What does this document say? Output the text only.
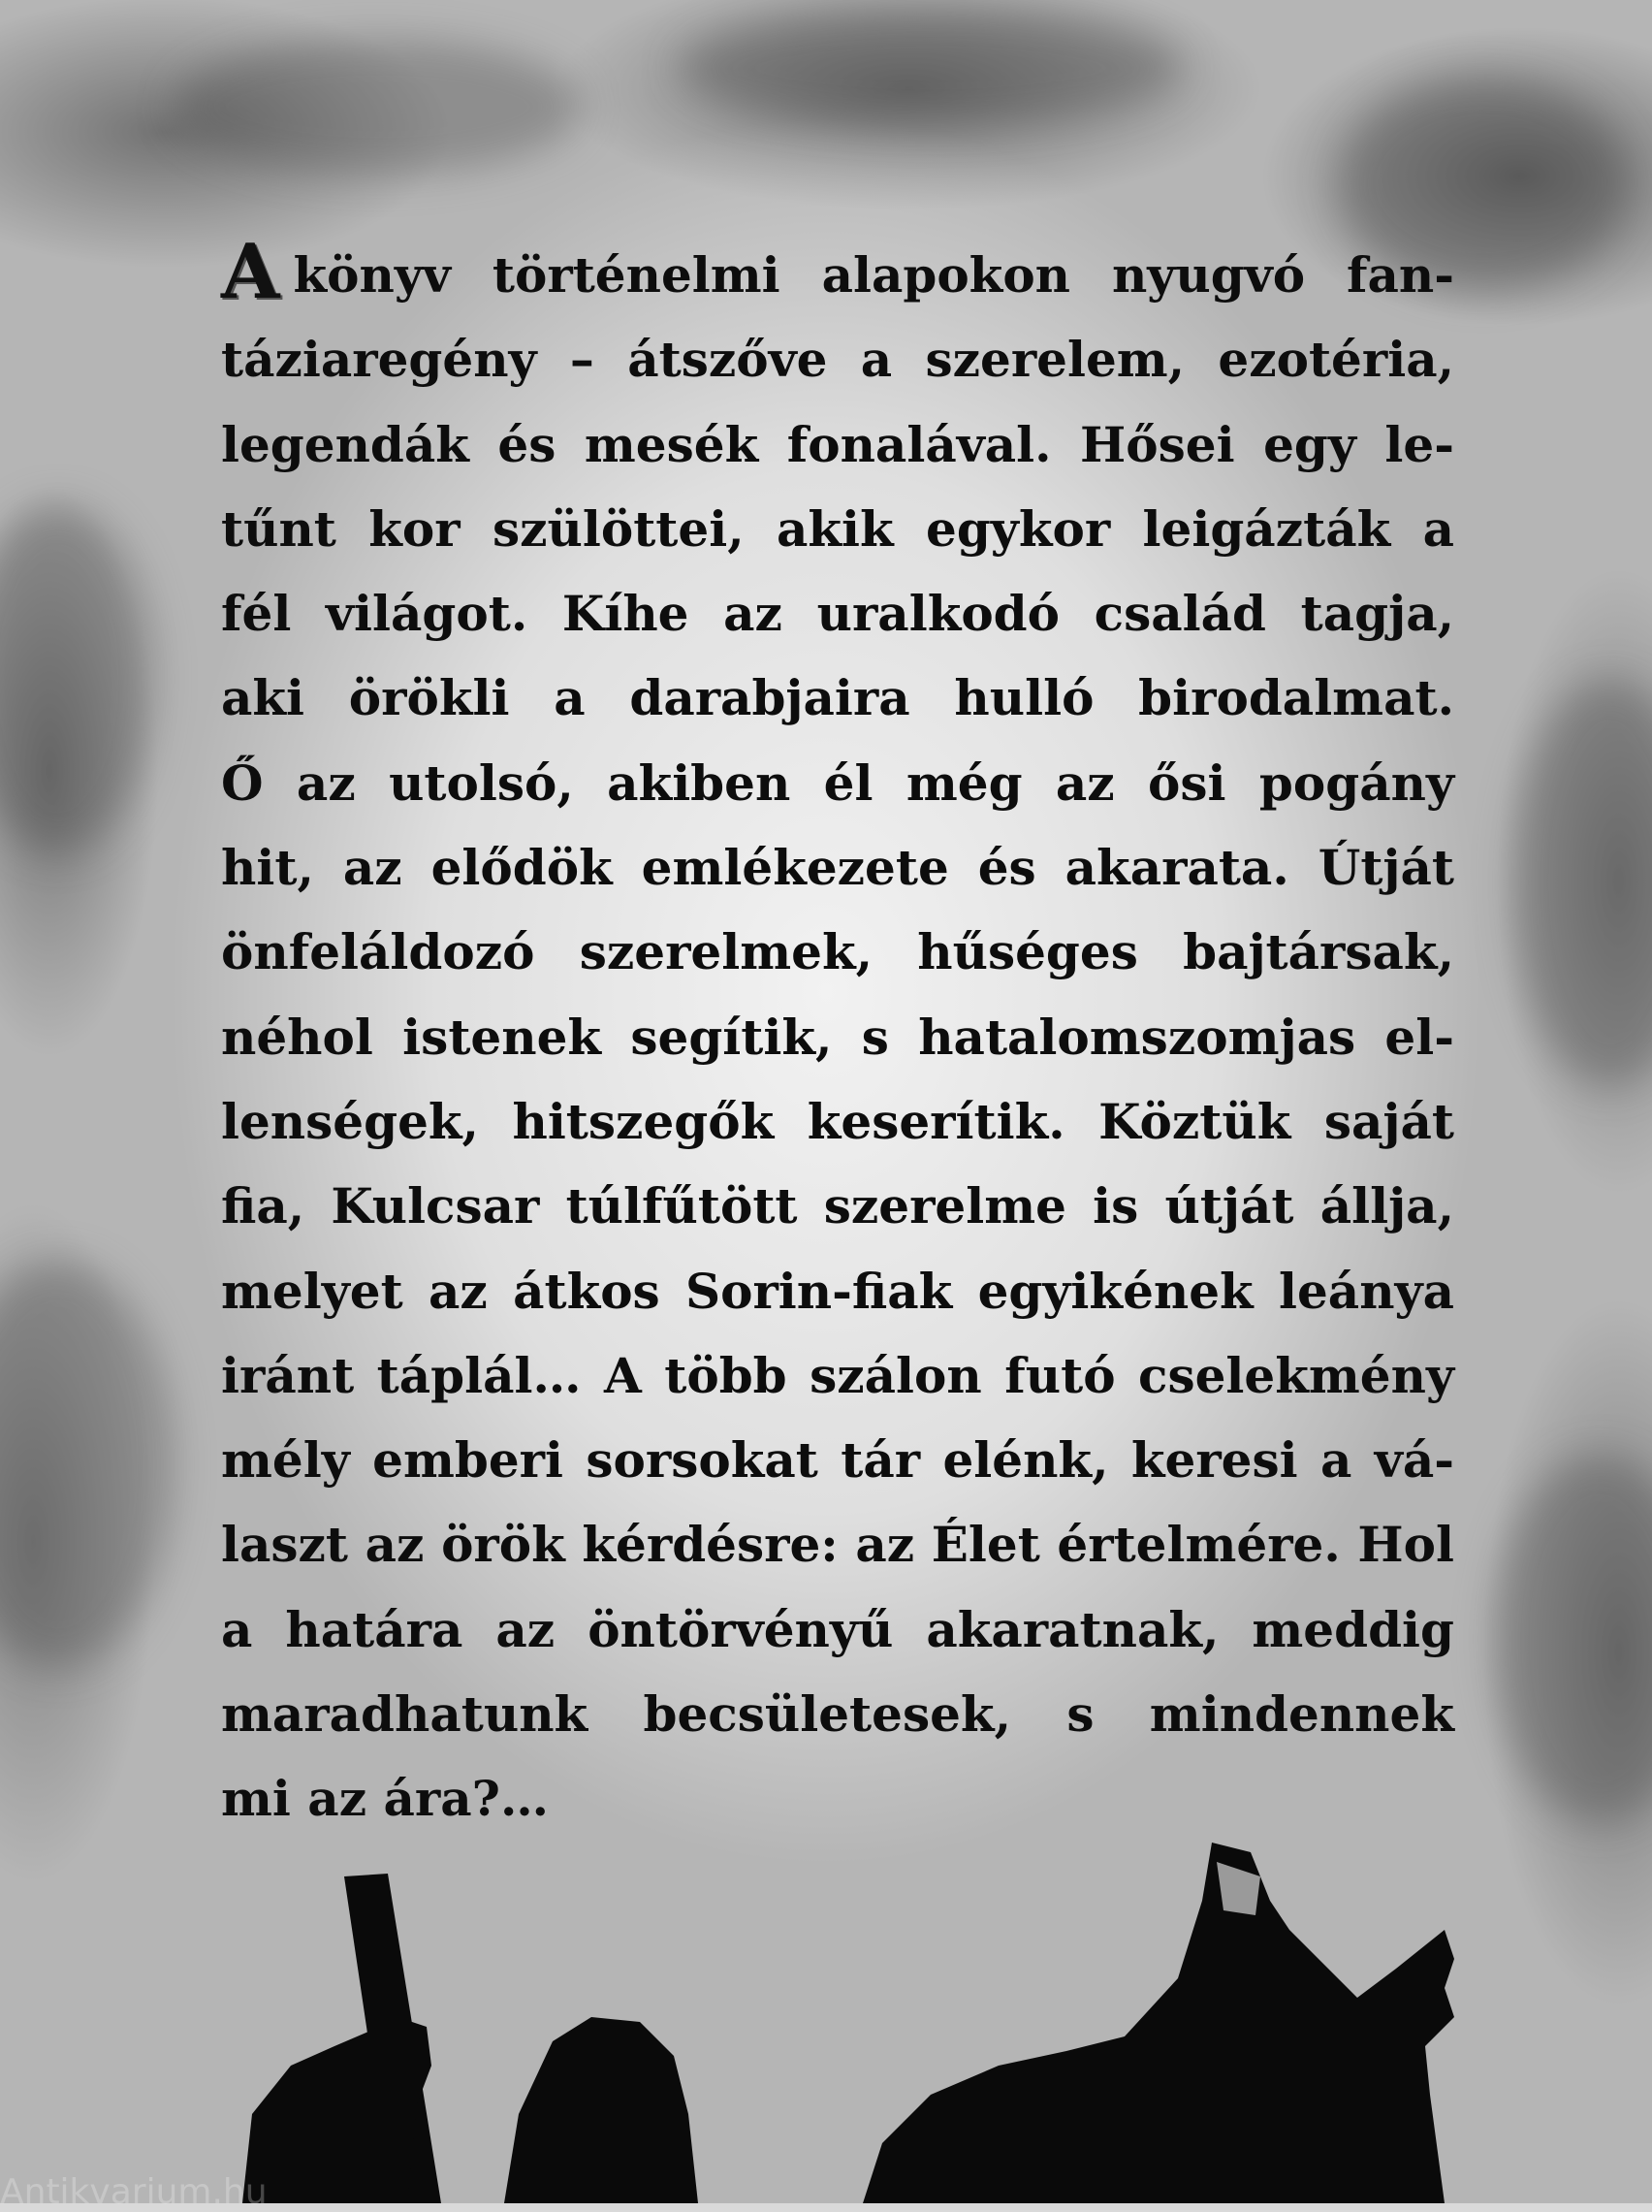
Akönyv történelmi alapokon nyugvó fan-
táziaregény – átszőve a szerelem, ezotéria,
legendák és mesék fonalával. Hősei egy le-
tűnt kor szülöttei, akik egykor leigázták a
fél világot. Kíhe az uralkodó család tagja,
aki örökli a darabjaira hulló birodalmat.
Ő az utolsó, akiben él még az ősi pogány
hit, az elődök emlékezete és akarata. Útját
önfeláldozó szerelmek, hűséges bajtársak,
néhol istenek segítik, s hatalomszomjas el-
lenségek, hitszegők keserítik. Köztük saját
fia, Kulcsar túlfűtött szerelme is útját állja,
melyet az átkos Sorin-fiak egyikének leánya
iránt táplál… A több szálon futó cselekmény
mély emberi sorsokat tár elénk, keresi a vá-
laszt az örök kérdésre: az Élet értelmére. Hol
a határa az öntörvényű akaratnak, meddig
maradhatunk becsületesek, s mindennek
mi az ára?…
Antikvarium.hu
